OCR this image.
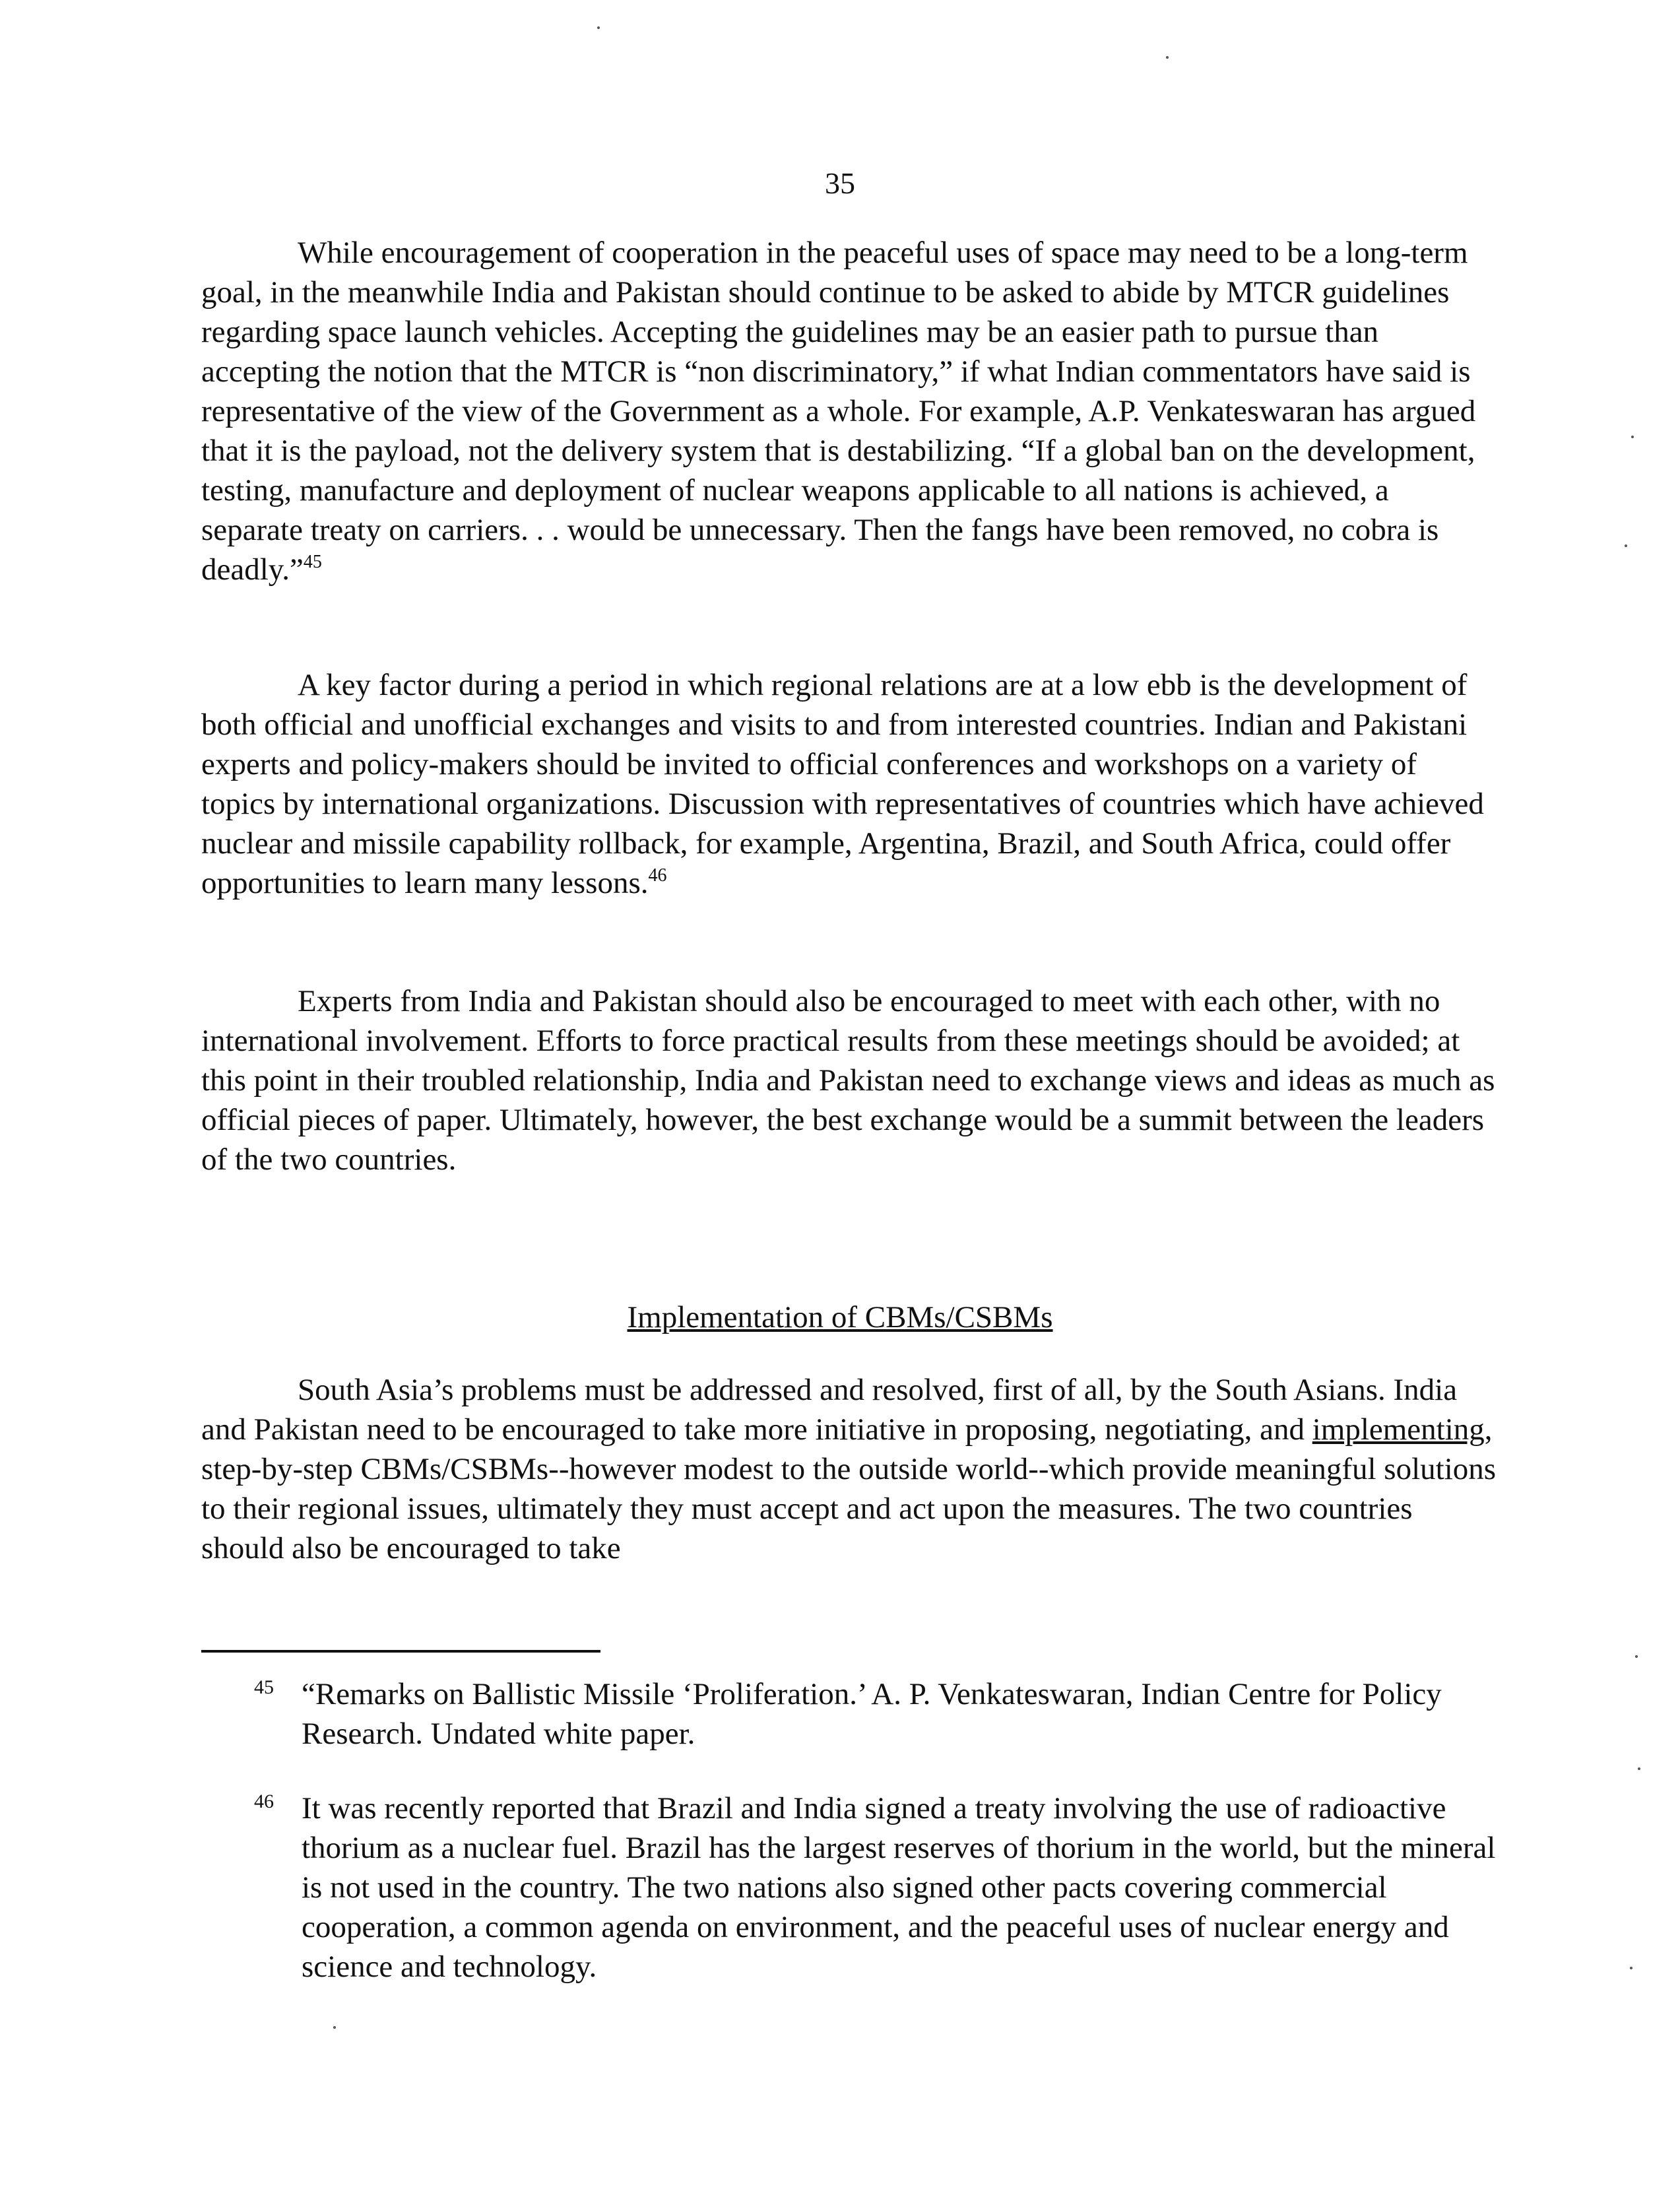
35

While encouragement of cooperation in the peaceful uses of space may need to be a long-term goal, in the meanwhile India and Pakistan should continue to be asked to abide by MTCR guidelines regarding space launch vehicles. Accepting the guidelines may be an easier path to pursue than accepting the notion that the MTCR is “non discriminatory,” if what Indian commentators have said is representative of the view of the Government as a whole. For example, A.P. Venkateswaran has argued that it is the payload, not the delivery system that is destabilizing. “If a global ban on the development, testing, manufacture and deployment of nuclear weapons applicable to all nations is achieved, a separate treaty on carriers. . . would be unnecessary. Then the fangs have been removed, no cobra is deadly.”$^{45}$

A key factor during a period in which regional relations are at a low ebb is the development of both official and unofficial exchanges and visits to and from interested countries. Indian and Pakistani experts and policy-makers should be invited to official conferences and workshops on a variety of topics by international organizations. Discussion with representatives of countries which have achieved nuclear and missile capability rollback, for example, Argentina, Brazil, and South Africa, could offer opportunities to learn many lessons.$^{46}$

Experts from India and Pakistan should also be encouraged to meet with each other, with no international involvement. Efforts to force practical results from these meetings should be avoided; at this point in their troubled relationship, India and Pakistan need to exchange views and ideas as much as official pieces of paper. Ultimately, however, the best exchange would be a summit between the leaders of the two countries.

Implementation of CBMs/CSBMs

South Asia’s problems must be addressed and resolved, first of all, by the South Asians. India and Pakistan need to be encouraged to take more initiative in proposing, negotiating, and implementing, step-by-step CBMs/CSBMs--however modest to the outside world--which provide meaningful solutions to their regional issues, ultimately they must accept and act upon the measures. The two countries should also be encouraged to take

45 “Remarks on Ballistic Missile ‘Proliferation.’ A. P. Venkateswaran, Indian Centre for Policy Research. Undated white paper.
46 It was recently reported that Brazil and India signed a treaty involving the use of radioactive thorium as a nuclear fuel. Brazil has the largest reserves of thorium in the world, but the mineral is not used in the country. The two nations also signed other pacts covering commercial cooperation, a common agenda on environment, and the peaceful uses of nuclear energy and science and technology.
